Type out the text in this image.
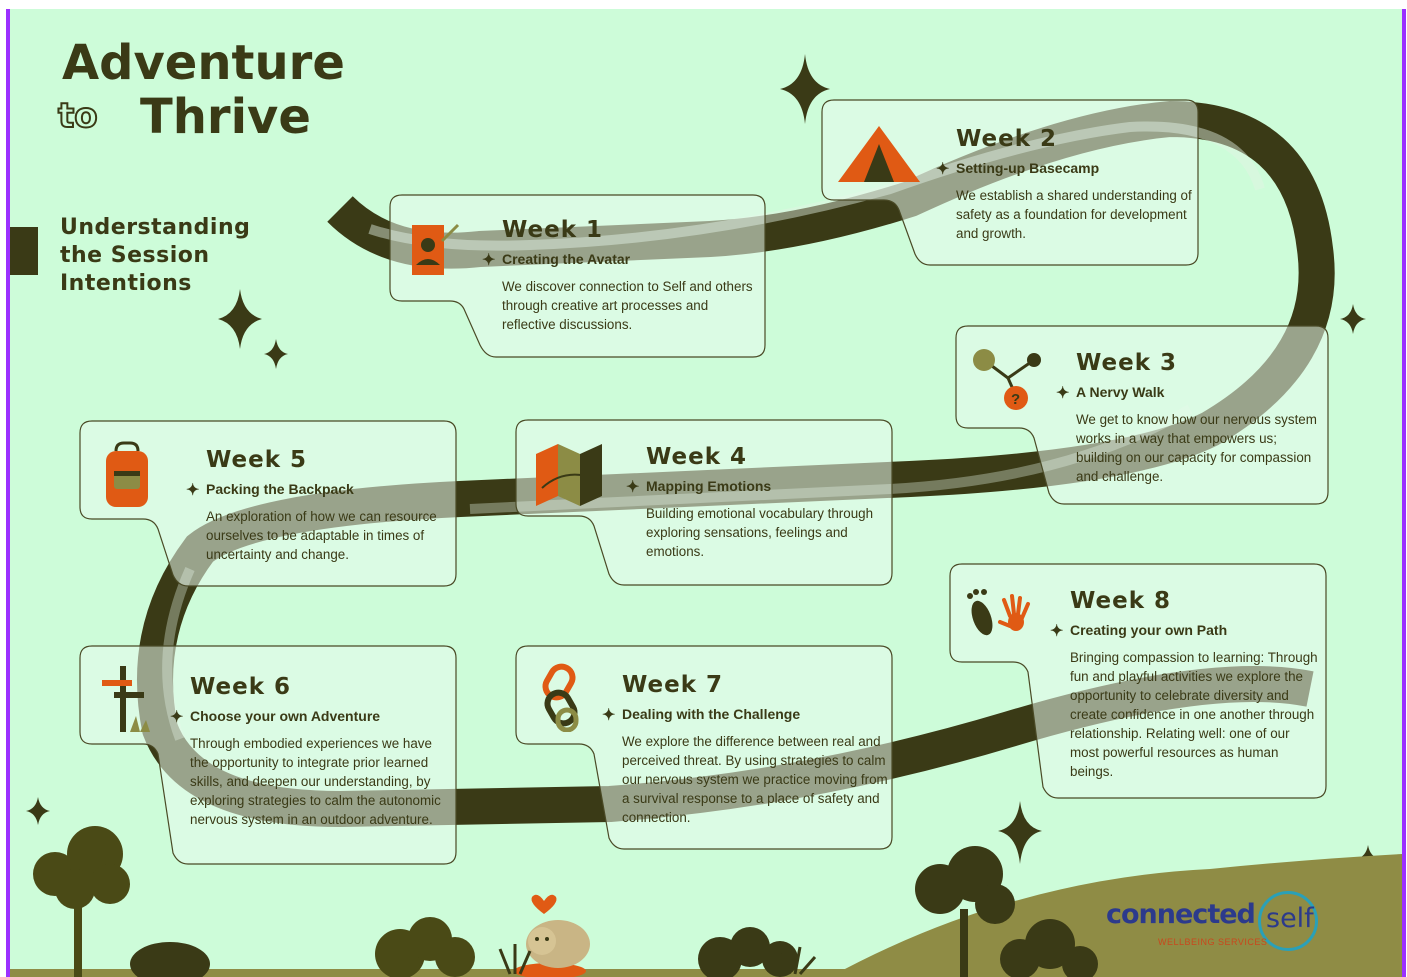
Adventure
to Thrive
Understanding
the Session
Intentions
Week 1
✦ Creating the Avatar

We discover connection to Self and others through creative art processes and reflective discussions.

Week 2
✦ Setting-up Basecamp

We establish a shared understanding of safety as a foundation for development and growth.

?
Week 3
✦ A Nervy Walk

We get to know how our nervous system works in a way that empowers us; building on our capacity for compassion and challenge.

Week 4
✦ Mapping Emotions

Building emotional vocabulary through exploring sensations, feelings and emotions.

Week 5
✦ Packing the Backpack

An exploration of how we can resource ourselves to be adaptable in times of uncertainty and change.

Week 6
✦ Choose your own Adventure

Through embodied experiences we have the opportunity to integrate prior learned skills, and deepen our understanding, by exploring strategies to calm the autonomic nervous system in an outdoor adventure.

Week 7
✦ Dealing with the Challenge

We explore the difference between real and perceived threat. By using strategies to calm our nervous system we practice moving from a survival response to a place of safety and connection.

Week 8
✦ Creating your own Path

Bringing compassion to learning: Through fun and playful activities we explore the opportunity to celebrate diversity and create confidence in one another through relationship. Relating well: one of our most powerful resources as human beings.

connected self
WELLBEING SERVICES
